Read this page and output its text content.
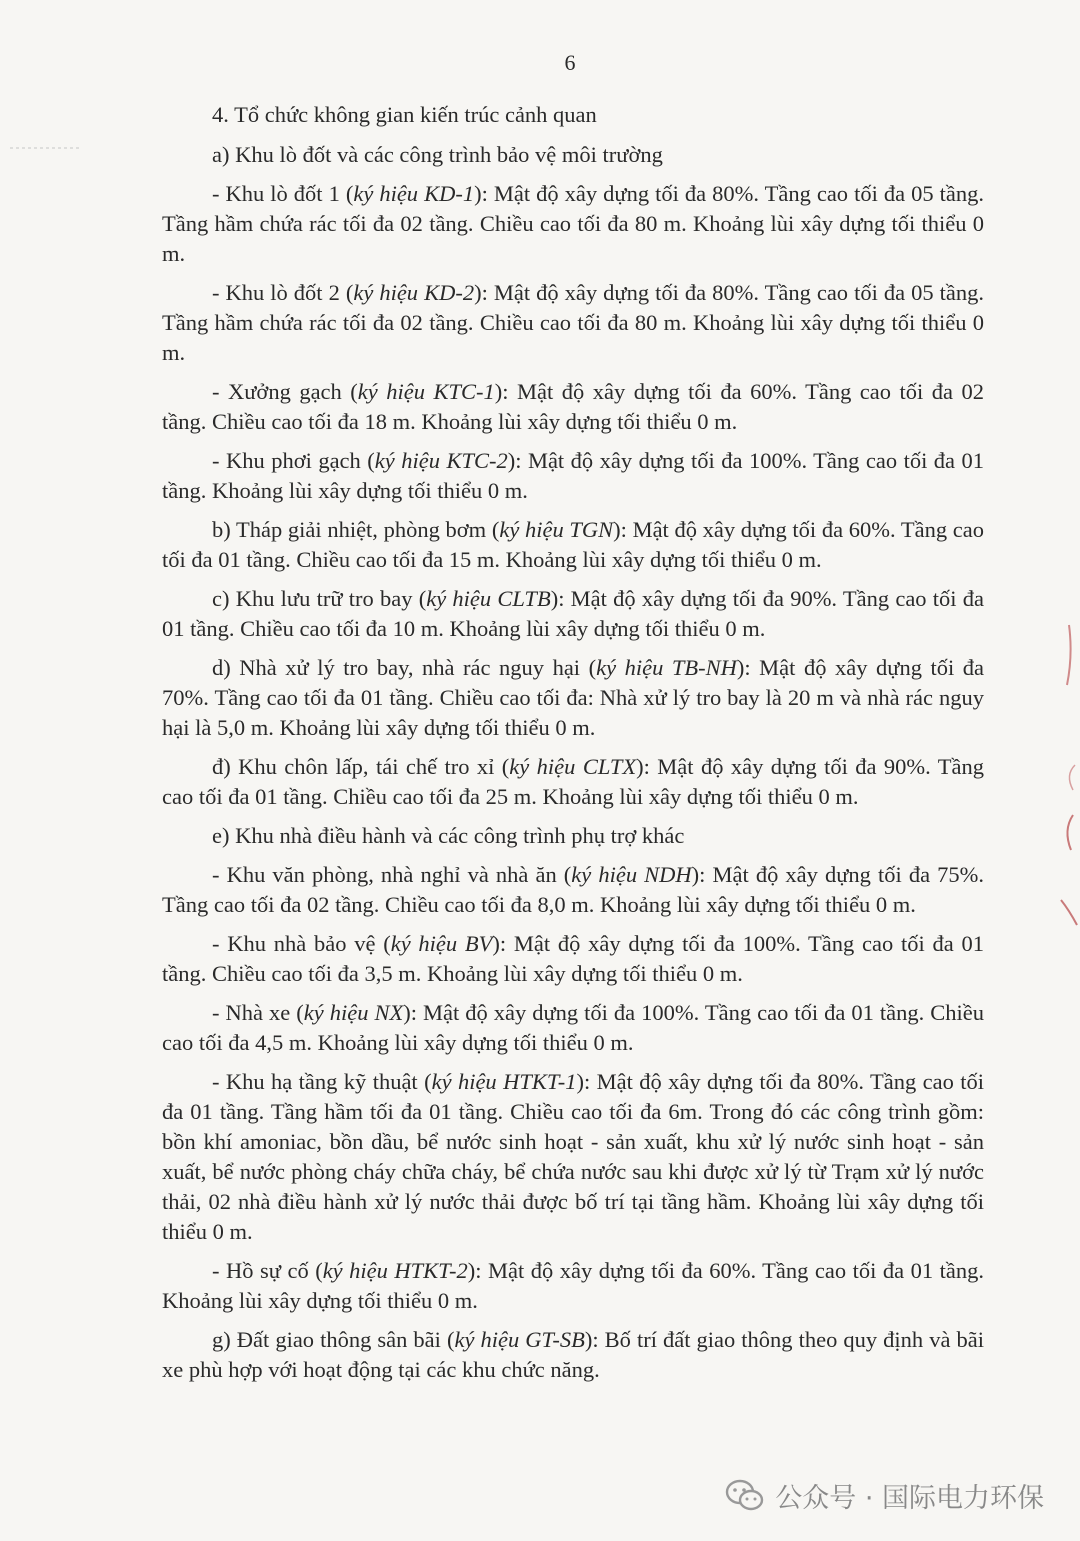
6

4. Tổ chức không gian kiến trúc cảnh quan

a) Khu lò đốt và các công trình bảo vệ môi trường

- Khu lò đốt 1 (ký hiệu KD-1): Mật độ xây dựng tối đa 80%. Tầng cao tối đa 05 tầng. Tầng hầm chứa rác tối đa 02 tầng. Chiều cao tối đa 80 m. Khoảng lùi xây dựng tối thiểu 0 m.

- Khu lò đốt 2 (ký hiệu KD-2): Mật độ xây dựng tối đa 80%. Tầng cao tối đa 05 tầng. Tầng hầm chứa rác tối đa 02 tầng. Chiều cao tối đa 80 m. Khoảng lùi xây dựng tối thiểu 0 m.

- Xưởng gạch (ký hiệu KTC-1): Mật độ xây dựng tối đa 60%. Tầng cao tối đa 02 tầng. Chiều cao tối đa 18 m. Khoảng lùi xây dựng tối thiểu 0 m.

- Khu phơi gạch (ký hiệu KTC-2): Mật độ xây dựng tối đa 100%. Tầng cao tối đa 01 tầng. Khoảng lùi xây dựng tối thiểu 0 m.

b) Tháp giải nhiệt, phòng bơm (ký hiệu TGN): Mật độ xây dựng tối đa 60%. Tầng cao tối đa 01 tầng. Chiều cao tối đa 15 m. Khoảng lùi xây dựng tối thiểu 0 m.

c) Khu lưu trữ tro bay (ký hiệu CLTB): Mật độ xây dựng tối đa 90%. Tầng cao tối đa 01 tầng. Chiều cao tối đa 10 m. Khoảng lùi xây dựng tối thiểu 0 m.

d) Nhà xử lý tro bay, nhà rác nguy hại (ký hiệu TB-NH): Mật độ xây dựng tối đa 70%. Tầng cao tối đa 01 tầng. Chiều cao tối đa: Nhà xử lý tro bay là 20 m và nhà rác nguy hại là 5,0 m. Khoảng lùi xây dựng tối thiểu 0 m.

đ) Khu chôn lấp, tái chế tro xỉ (ký hiệu CLTX): Mật độ xây dựng tối đa 90%. Tầng cao tối đa 01 tầng. Chiều cao tối đa 25 m. Khoảng lùi xây dựng tối thiểu 0 m.

e) Khu nhà điều hành và các công trình phụ trợ khác

- Khu văn phòng, nhà nghỉ và nhà ăn (ký hiệu NDH): Mật độ xây dựng tối đa 75%. Tầng cao tối đa 02 tầng. Chiều cao tối đa 8,0 m. Khoảng lùi xây dựng tối thiểu 0 m.

- Khu nhà bảo vệ (ký hiệu BV): Mật độ xây dựng tối đa 100%. Tầng cao tối đa 01 tầng. Chiều cao tối đa 3,5 m. Khoảng lùi xây dựng tối thiểu 0 m.

- Nhà xe (ký hiệu NX): Mật độ xây dựng tối đa 100%. Tầng cao tối đa 01 tầng. Chiều cao tối đa 4,5 m. Khoảng lùi xây dựng tối thiểu 0 m.

- Khu hạ tầng kỹ thuật (ký hiệu HTKT-1): Mật độ xây dựng tối đa 80%. Tầng cao tối đa 01 tầng. Tầng hầm tối đa 01 tầng. Chiều cao tối đa 6m. Trong đó các công trình gồm: bồn khí amoniac, bồn dầu, bể nước sinh hoạt - sản xuất, khu xử lý nước sinh hoạt - sản xuất, bể nước phòng cháy chữa cháy, bể chứa nước sau khi được xử lý từ Trạm xử lý nước thải, 02 nhà điều hành xử lý nước thải được bố trí tại tầng hầm. Khoảng lùi xây dựng tối thiểu 0 m.

- Hồ sự cố (ký hiệu HTKT-2): Mật độ xây dựng tối đa 60%. Tầng cao tối đa 01 tầng. Khoảng lùi xây dựng tối thiểu 0 m.

g) Đất giao thông sân bãi (ký hiệu GT-SB): Bố trí đất giao thông theo quy định và bãi xe phù hợp với hoạt động tại các khu chức năng.

公众号 · 国际电力环保
